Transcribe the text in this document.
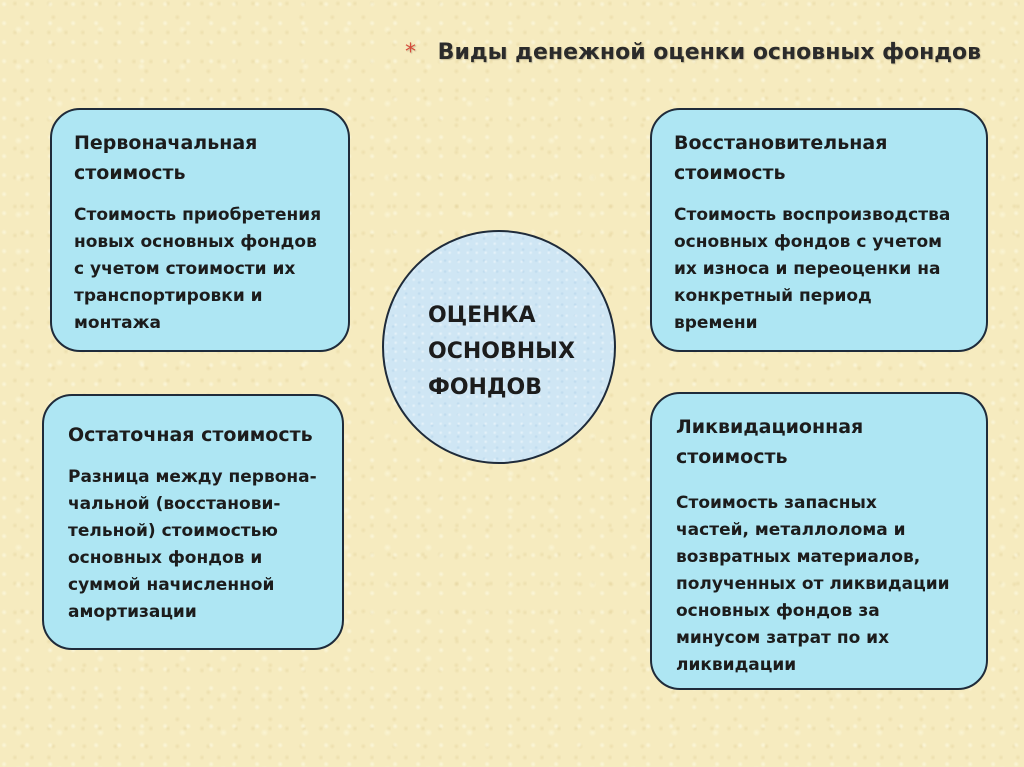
* Виды денежной оценки основных фондов
Первоначальная
стоимость
Стоимость приобретения
новых основных фондов
с учетом стоимости их
транспортировки и
монтажа
Восстановительная
стоимость
Стоимость воспроизводства
основных фондов с учетом
их износа и переоценки на
конкретный период
времени
ОЦЕНКА
ОСНОВНЫХ
ФОНДОВ
Остаточная стоимость
Разница между первона-
чальной (восстанови-
тельной) стоимостью
основных фондов и
суммой начисленной
амортизации
Ликвидационная
стоимость
Стоимость запасных
частей, металлолома и
возвратных материалов,
полученных от ликвидации
основных фондов за
минусом затрат по их
ликвидации
